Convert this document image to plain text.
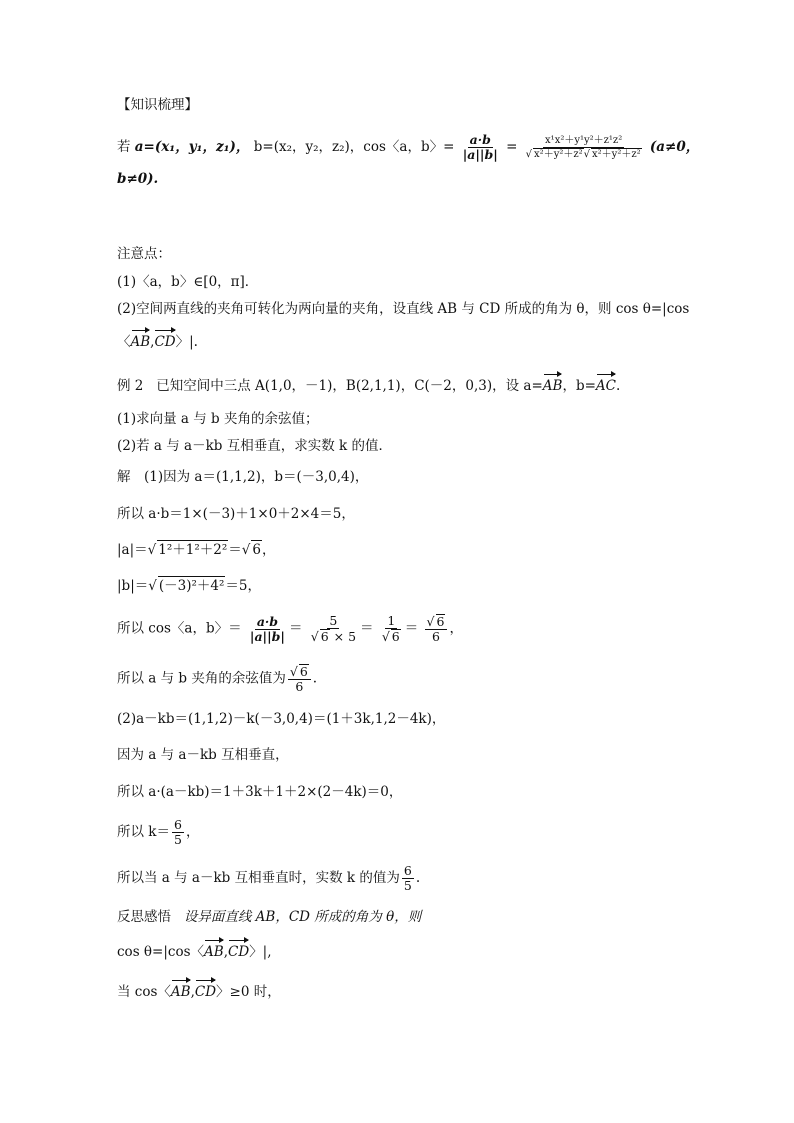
【知识梳理】
若 a=(x₁，y₁，z₁)， b=(x₂，y₂，z₂)，cos〈a，b〉= $\frac{a\cdot b}{|a||b|} = x^1x^2+y^1y^2+z^1z^2$
√ x²＋y²＋z² √ x²＋y²＋z² (a≠0，
b≠0).
注意点：
(1)〈a，b〉∈[0，π]．
(2)空间两直线的夹角可转化为两向量的夹角，设直线 AB 与 CD 所成的角为 θ，则 cos θ=|cos
〈AB,CD〉|.
例 2 已知空间中三点 A(1,0，－1)，B(2,1,1)，C(－2，0,3)，设 a=AB，b=AC.
(1)求向量 a 与 b 夹角的余弦值；
(2)若 a 与 a－kb 互相垂直，求实数 k 的值．
解　(1)因为 a＝(1,1,2)，b＝(－3,0,4)，
所以 a·b＝1×(－3)＋1×0＋2×4＝5，
|a|＝ √ 1²＋1²＋2²＝ √ 6，
|b|＝ √ (－3)²＋4²＝5，
所以 cos〈a，b〉＝ $\frac{a\cdot b}{|a||b|} = 5$
√ 6 × 5 ＝ 1
√ 6 ＝ √ $\frac{6}{6}$ ，
所以 a 与 b 夹角的余弦值为 √ $\frac{6}{6}$ .
(2)a－kb＝(1,1,2)－k(－3,0,4)＝(1＋3k,1,2－4k)，
因为 a 与 a－kb 互相垂直，
所以 a·(a－kb)＝1＋3k＋1＋2×(2－4k)＝0，
所以 $k= \frac{6}{5}$ ，
所以当 a 与 a－kb 互相垂直时，实数 k 的值为 $\frac{6}{5}$ .
反思感悟 设异面直线 AB，CD 所成的角为 θ，则
cos θ=|cos〈AB,CD〉|,
当 cos〈AB,CD〉≥0 时，
